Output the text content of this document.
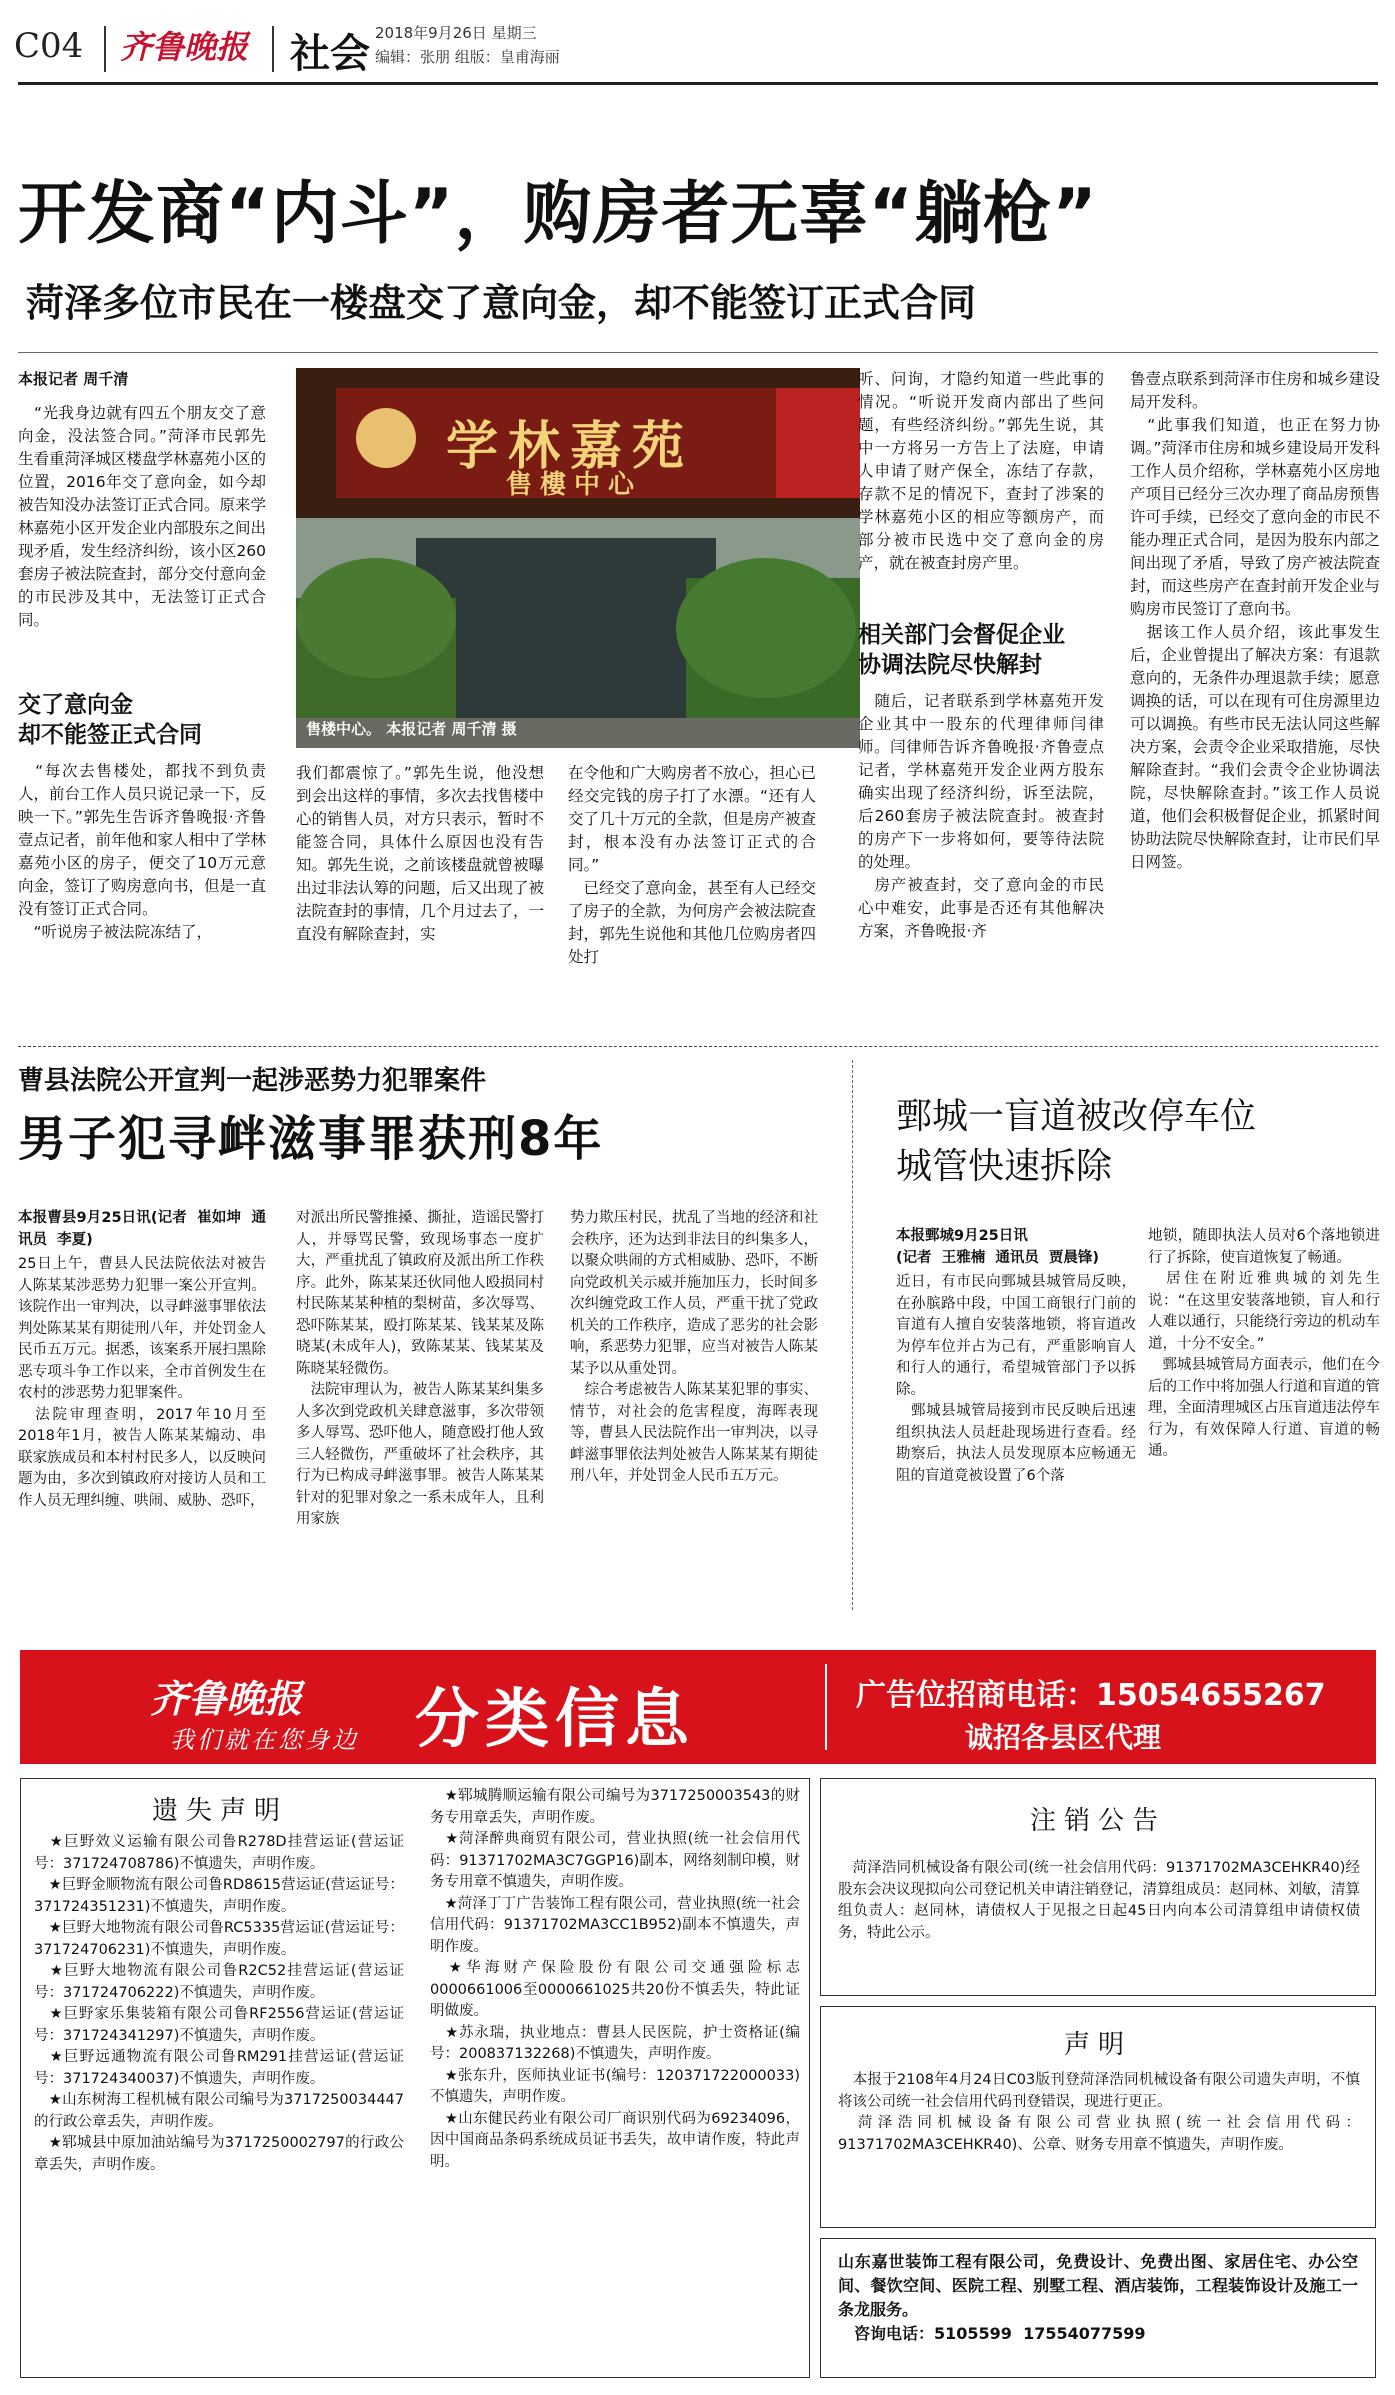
C04 齐鲁晚报 社会 2018年9月26日 星期三
编辑：张朋 组版：皇甫海丽
开发商“内斗”，购房者无辜“躺枪”
菏泽多位市民在一楼盘交了意向金，却不能签订正式合同
本报记者 周千清
　“光我身边就有四五个朋友交了意向金，没法签合同。”菏泽市民郭先生看重菏泽城区楼盘学林嘉苑小区的位置，2016年交了意向金，如今却被告知没办法签订正式合同。原来学林嘉苑小区开发企业内部股东之间出现矛盾，发生经济纠纷，该小区260套房子被法院查封，部分交付意向金的市民涉及其中，无法签订正式合同。
交了意向金
却不能签正式合同
　“每次去售楼处，都找不到负责人，前台工作人员只说记录一下，反映一下。”郭先生告诉齐鲁晚报·齐鲁壹点记者，前年他和家人相中了学林嘉苑小区的房子，便交了10万元意向金，签订了购房意向书，但是一直没有签订正式合同。
　“听说房子被法院冻结了，
学林嘉苑
售樓中心
售楼中心。 本报记者 周千清 摄
我们都震惊了。”郭先生说，他没想到会出这样的事情，多次去找售楼中心的销售人员，对方只表示，暂时不能签合同，具体什么原因也没有告知。郭先生说，之前该楼盘就曾被曝出过非法认筹的问题，后又出现了被法院查封的事情，几个月过去了，一直没有解除查封，实
在令他和广大购房者不放心，担心已经交完钱的房子打了水漂。“还有人交了几十万元的全款，但是房产被查封，根本没有办法签订正式的合同。”
　已经交了意向金，甚至有人已经交了房子的全款，为何房产会被法院查封，郭先生说他和其他几位购房者四处打
听、问询，才隐约知道一些此事的情况。“听说开发商内部出了些问题，有些经济纠纷。”郭先生说，其中一方将另一方告上了法庭，申请人申请了财产保全，冻结了存款，存款不足的情况下，查封了涉案的学林嘉苑小区的相应等额房产，而部分被市民选中交了意向金的房产，就在被查封房产里。
相关部门会督促企业
协调法院尽快解封
　随后，记者联系到学林嘉苑开发企业其中一股东的代理律师闫律师。闫律师告诉齐鲁晚报·齐鲁壹点记者，学林嘉苑开发企业两方股东确实出现了经济纠纷，诉至法院，后260套房子被法院查封。被查封的房产下一步将如何，要等待法院的处理。
　房产被查封，交了意向金的市民心中难安，此事是否还有其他解决方案，齐鲁晚报·齐
鲁壹点联系到菏泽市住房和城乡建设局开发科。
　“此事我们知道，也正在努力协调。”菏泽市住房和城乡建设局开发科工作人员介绍称，学林嘉苑小区房地产项目已经分三次办理了商品房预售许可手续，已经交了意向金的市民不能办理正式合同，是因为股东内部之间出现了矛盾，导致了房产被法院查封，而这些房产在查封前开发企业与购房市民签订了意向书。
　据该工作人员介绍，该此事发生后，企业曾提出了解决方案：有退款意向的，无条件办理退款手续；愿意调换的话，可以在现有可住房源里边可以调换。有些市民无法认同这些解决方案，会责令企业采取措施，尽快解除查封。“我们会责令企业协调法院，尽快解除查封。”该工作人员说道，他们会积极督促企业，抓紧时间协助法院尽快解除查封，让市民们早日网签。
曹县法院公开宣判一起涉恶势力犯罪案件
男子犯寻衅滋事罪获刑8年
本报曹县9月25日讯(记者  崔如坤  通讯员  李夏)
25日上午，曹县人民法院依法对被告人陈某某涉恶势力犯罪一案公开宣判。该院作出一审判决，以寻衅滋事罪依法判处陈某某有期徒刑八年，并处罚金人民币五万元。据悉，该案系开展扫黑除恶专项斗争工作以来，全市首例发生在农村的涉恶势力犯罪案件。
　法院审理查明，2017年10月至2018年1月，被告人陈某某煽动、串联家族成员和本村村民多人，以反映问题为由，多次到镇政府对接访人员和工作人员无理纠缠、哄闹、威胁、恐吓，
对派出所民警推搡、撕扯，造谣民警打人，并辱骂民警，致现场事态一度扩大，严重扰乱了镇政府及派出所工作秩序。此外，陈某某还伙同他人殴损同村村民陈某某种植的梨树苗，多次辱骂、恐吓陈某某，殴打陈某某、钱某某及陈晓某(未成年人)，致陈某某、钱某某及陈晓某轻微伤。
　法院审理认为，被告人陈某某纠集多人多次到党政机关肆意滋事，多次带领多人辱骂、恐吓他人，随意殴打他人致三人轻微伤，严重破坏了社会秩序，其行为已构成寻衅滋事罪。被告人陈某某针对的犯罪对象之一系未成年人，且利用家族
势力欺压村民，扰乱了当地的经济和社会秩序，还为达到非法目的纠集多人，以聚众哄闹的方式相威胁、恐吓，不断向党政机关示威并施加压力，长时间多次纠缠党政工作人员，严重干扰了党政机关的工作秩序，造成了恶劣的社会影响，系恶势力犯罪，应当对被告人陈某某予以从重处罚。
　综合考虑被告人陈某某犯罪的事实、情节，对社会的危害程度，海晖表现等，曹县人民法院作出一审判决，以寻衅滋事罪依法判处被告人陈某某有期徒刑八年，并处罚金人民币五万元。
鄄城一盲道被改停车位
城管快速拆除
本报鄄城9月25日讯
(记者  王雅楠  通讯员  贾晨锋)
近日，有市民向鄄城县城管局反映，在孙膑路中段，中国工商银行门前的盲道有人擅自安装落地锁，将盲道改为停车位并占为己有，严重影响盲人和行人的通行，希望城管部门予以拆除。
　鄄城县城管局接到市民反映后迅速组织执法人员赶赴现场进行查看。经勘察后，执法人员发现原本应畅通无阻的盲道竟被设置了6个落
地锁，随即执法人员对6个落地锁进行了拆除，使盲道恢复了畅通。
　居住在附近雅典城的刘先生说：“在这里安装落地锁，盲人和行人难以通行，只能绕行旁边的机动车道，十分不安全。”
　鄄城县城管局方面表示，他们在今后的工作中将加强人行道和盲道的管理，全面清理城区占压盲道违法停车行为，有效保障人行道、盲道的畅通。
齐鲁晚报
我们就在您身边 分类信息	广告位招商电话：15054655267
诚招各县区代理
遗失声明
　★巨野效义运输有限公司鲁R278D挂营运证(营运证号：371724708786)不慎遗失，声明作废。
　★巨野金顺物流有限公司鲁RD8615营运证(营运证号：371724351231)不慎遗失，声明作废。
　★巨野大地物流有限公司鲁RC5335营运证(营运证号：371724706231)不慎遗失，声明作废。
　★巨野大地物流有限公司鲁R2C52挂营运证(营运证号：371724706222)不慎遗失，声明作废。
　★巨野家乐集装箱有限公司鲁RF2556营运证(营运证号：371724341297)不慎遗失，声明作废。
　★巨野远通物流有限公司鲁RM291挂营运证(营运证号：371724340037)不慎遗失，声明作废。
　★山东树海工程机械有限公司编号为3717250034447的行政公章丢失，声明作废。
　★郓城县中原加油站编号为3717250002797的行政公章丢失，声明作废。
　★郓城腾顺运输有限公司编号为3717250003543的财务专用章丢失，声明作废。
　★菏泽醉典商贸有限公司，营业执照(统一社会信用代码：91371702MA3C7GGP16)副本，网络刻制印模，财务专用章不慎遗失，声明作废。
　★菏泽丁丁广告装饰工程有限公司，营业执照(统一社会信用代码：91371702MA3CC1B952)副本不慎遗失，声明作废。
　★华海财产保险股份有限公司交通强险标志0000661006至0000661025共20份不慎丢失，特此证明做废。
　★苏永瑞，执业地点：曹县人民医院，护士资格证(编号：200837132268)不慎遗失，声明作废。
　★张东升，医师执业证书(编号：120371722000033)不慎遗失，声明作废。
　★山东健民药业有限公司厂商识别代码为69234096，因中国商品条码系统成员证书丢失，故申请作废，特此声明。
注销公告
　菏泽浩同机械设备有限公司(统一社会信用代码：91371702MA3CEHKR40)经股东会决议现拟向公司登记机关申请注销登记，清算组成员：赵同林、刘敏，清算组负责人：赵同林，请债权人于见报之日起45日内向本公司清算组申请债权债务，特此公示。
声明
　本报于2108年4月24日C03版刊登菏泽浩同机械设备有限公司遗失声明，不慎将该公司统一社会信用代码刊登错误，现进行更正。
　菏泽浩同机械设备有限公司营业执照(统一社会信用代码：91371702MA3CEHKR40)、公章、财务专用章不慎遗失，声明作废。
山东嘉世装饰工程有限公司，免费设计、免费出图、家居住宅、办公空间、餐饮空间、医院工程、别墅工程、酒店装饰，工程装饰设计及施工一条龙服务。
　咨询电话：5105599  17554077599
